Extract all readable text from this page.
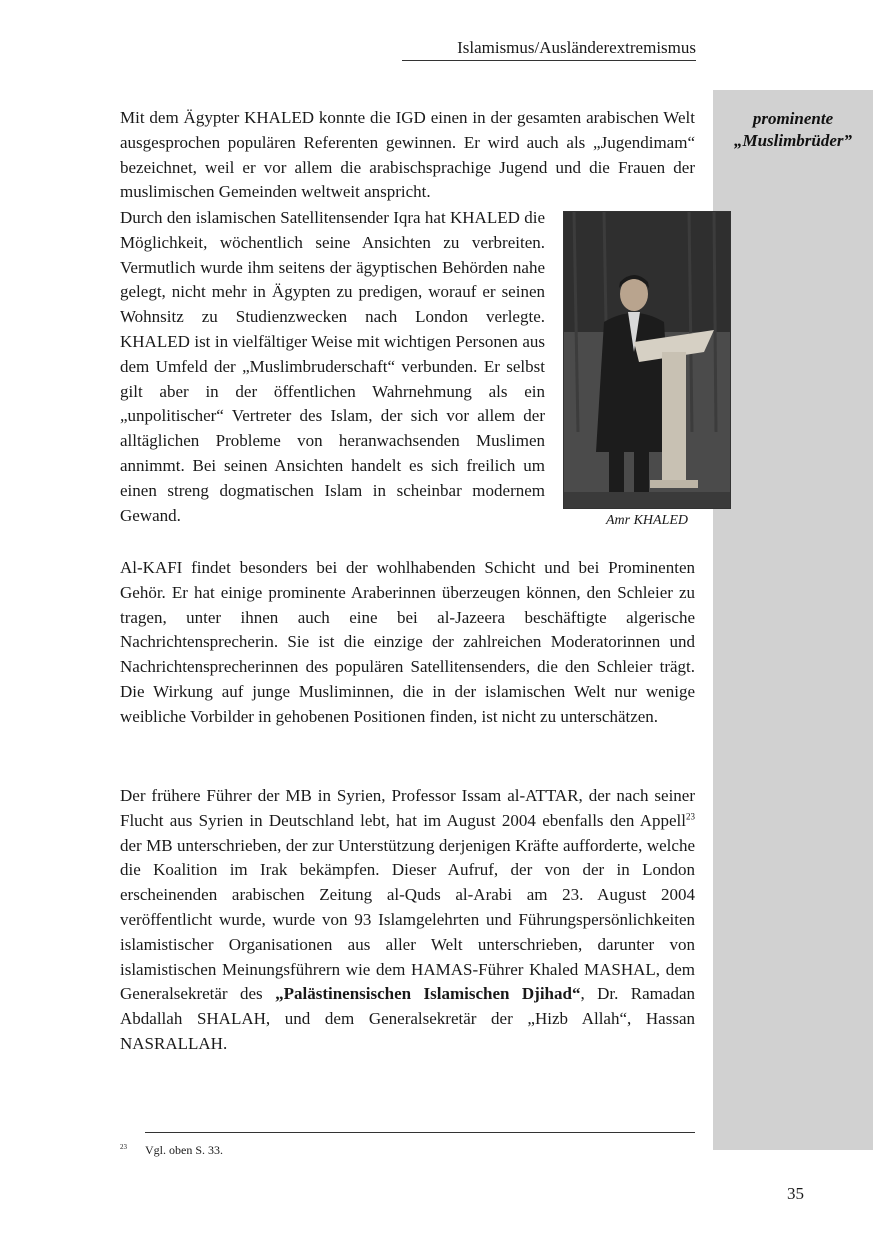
Islamismus/Ausländerextremismus
prominente
„Muslimbrüder”
Mit dem Ägypter KHALED konnte die IGD einen in der gesamten arabischen Welt ausgesprochen populären Referenten gewinnen. Er wird auch als „Jugendimam“ bezeichnet, weil er vor allem die arabischsprachige Jugend und die Frauen der muslimischen Gemeinden weltweit anspricht.
Durch den islamischen Satellitensender Iqra hat KHALED die Möglichkeit, wöchentlich seine Ansichten zu verbreiten. Vermutlich wurde ihm seitens der ägyptischen Behörden nahe gelegt, nicht mehr in Ägypten zu predigen, worauf er seinen Wohnsitz zu Studienzwecken nach London verlegte. KHALED ist in vielfältiger Weise mit wichtigen Personen aus dem Umfeld der „Muslimbruderschaft“ verbunden. Er selbst gilt aber in der öffentlichen Wahrnehmung als ein „unpolitischer“ Vertreter des Islam, der sich vor allem der alltäglichen Probleme von heranwachsenden Muslimen annimmt. Bei seinen Ansichten handelt es sich freilich um einen streng dogmatischen Islam in scheinbar modernem Gewand.	Amr KHALED
Al-KAFI findet besonders bei der wohlhabenden Schicht und bei Prominenten Gehör. Er hat einige prominente Araberinnen überzeugen können, den Schleier zu tragen, unter ihnen auch eine bei al-Jazeera beschäftigte algerische Nachrichtensprecherin. Sie ist die einzige der zahlreichen Moderatorinnen und Nachrichtensprecherinnen des populären Satellitensenders, die den Schleier trägt. Die Wirkung auf junge Musliminnen, die in der islamischen Welt nur wenige weibliche Vorbilder in gehobenen Positionen finden, ist nicht zu unterschätzen.
Der frühere Führer der MB in Syrien, Professor Issam al-ATTAR, der nach seiner Flucht aus Syrien in Deutschland lebt, hat im August 2004 ebenfalls den Appell$^{23}$ der MB unterschrieben, der zur Unterstützung derjenigen Kräfte aufforderte, welche die Koalition im Irak bekämpfen. Dieser Aufruf, der von der in London erscheinenden arabischen Zeitung al-Quds al-Arabi am 23. August 2004 veröffentlicht wurde, wurde von 93 Islamgelehrten und Führungspersönlichkeiten islamistischer Organisationen aus aller Welt unterschrieben, darunter von islamistischen Meinungsführern wie dem HAMAS-Führer Khaled MASHAL, dem Generalsekretär des „Palästinensischen Islamischen Djihad“, Dr. Ramadan Abdallah SHALAH, und dem Generalsekretär der „Hizb Allah“, Hassan NASRALLAH.
23 Vgl. oben S. 33.
35
